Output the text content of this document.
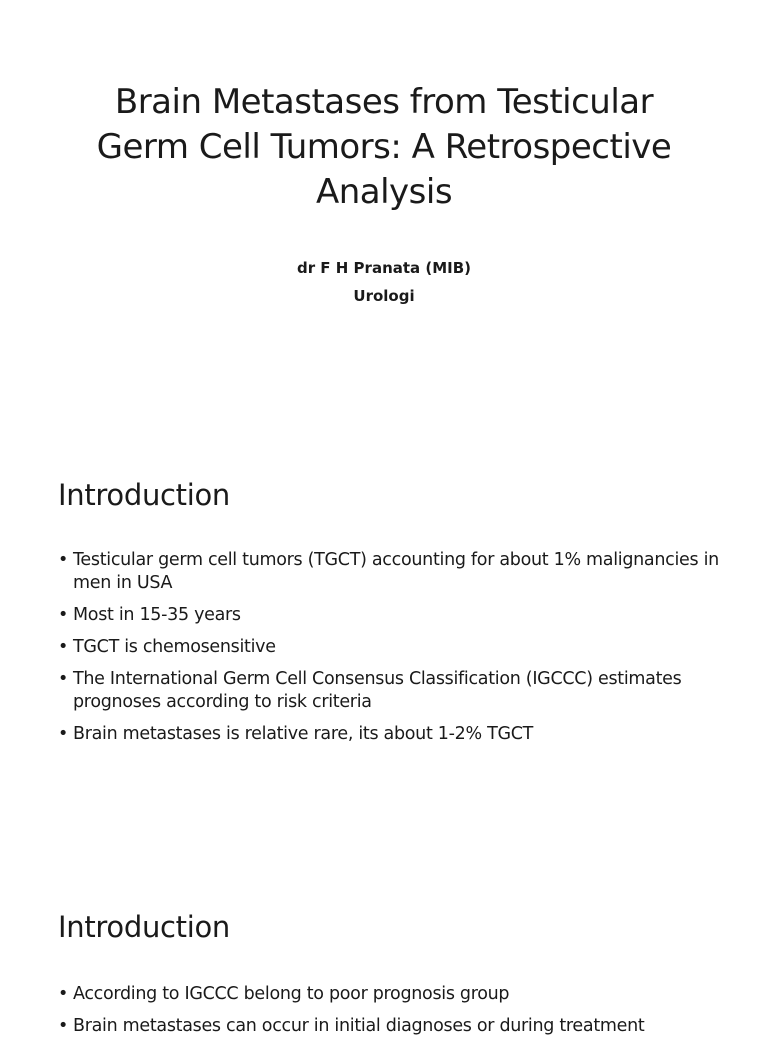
Brain Metastases from Testicular Germ Cell Tumors: A Retrospective Analysis

dr F H Pranata (MIB)

Urologi

Introduction
• Testicular germ cell tumors (TGCT) accounting for about 1% malignancies in men in USA
• Most in 15-35 years
• TGCT is chemosensitive
• The International Germ Cell Consensus Classification (IGCCC) estimates prognoses according to risk criteria
• Brain metastases is relative rare, its about 1-2% TGCT
Introduction
• According to IGCCC belong to poor prognosis group
• Brain metastases can occur in initial diagnoses or during treatment
